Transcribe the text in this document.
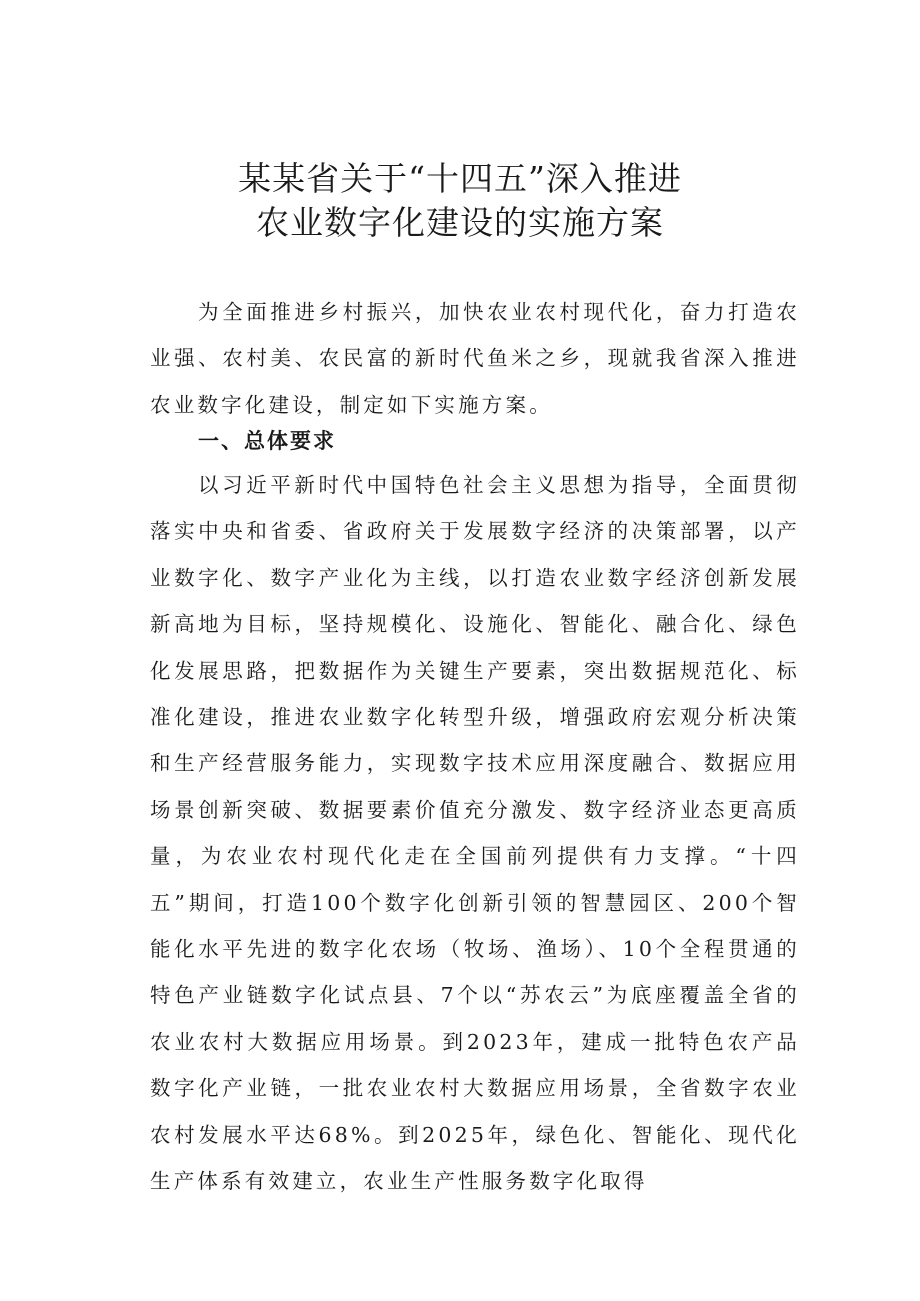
某某省关于“十四五”深入推进
农业数字化建设的实施方案

为全面推进乡村振兴，加快农业农村现代化，奋力打造农业强、农村美、农民富的新时代鱼米之乡，现就我省深入推进农业数字化建设，制定如下实施方案。

一、总体要求

以习近平新时代中国特色社会主义思想为指导，全面贯彻落实中央和省委、省政府关于发展数字经济的决策部署，以产业数字化、数字产业化为主线，以打造农业数字经济创新发展新高地为目标，坚持规模化、设施化、智能化、融合化、绿色化发展思路，把数据作为关键生产要素，突出数据规范化、标准化建设，推进农业数字化转型升级，增强政府宏观分析决策和生产经营服务能力，实现数字技术应用深度融合、数据应用场景创新突破、数据要素价值充分激发、数字经济业态更高质量，为农业农村现代化走在全国前列提供有力支撑。“十四五”期间，打造100个数字化创新引领的智慧园区、200个智能化水平先进的数字化农场（牧场、渔场）、10个全程贯通的特色产业链数字化试点县、7个以“苏农云”为底座覆盖全省的农业农村大数据应用场景。到2023年，建成一批特色农产品数字化产业链，一批农业农村大数据应用场景，全省数字农业农村发展水平达68%。到2025年，绿色化、智能化、现代化生产体系有效建立，农业生产性服务数字化取得
